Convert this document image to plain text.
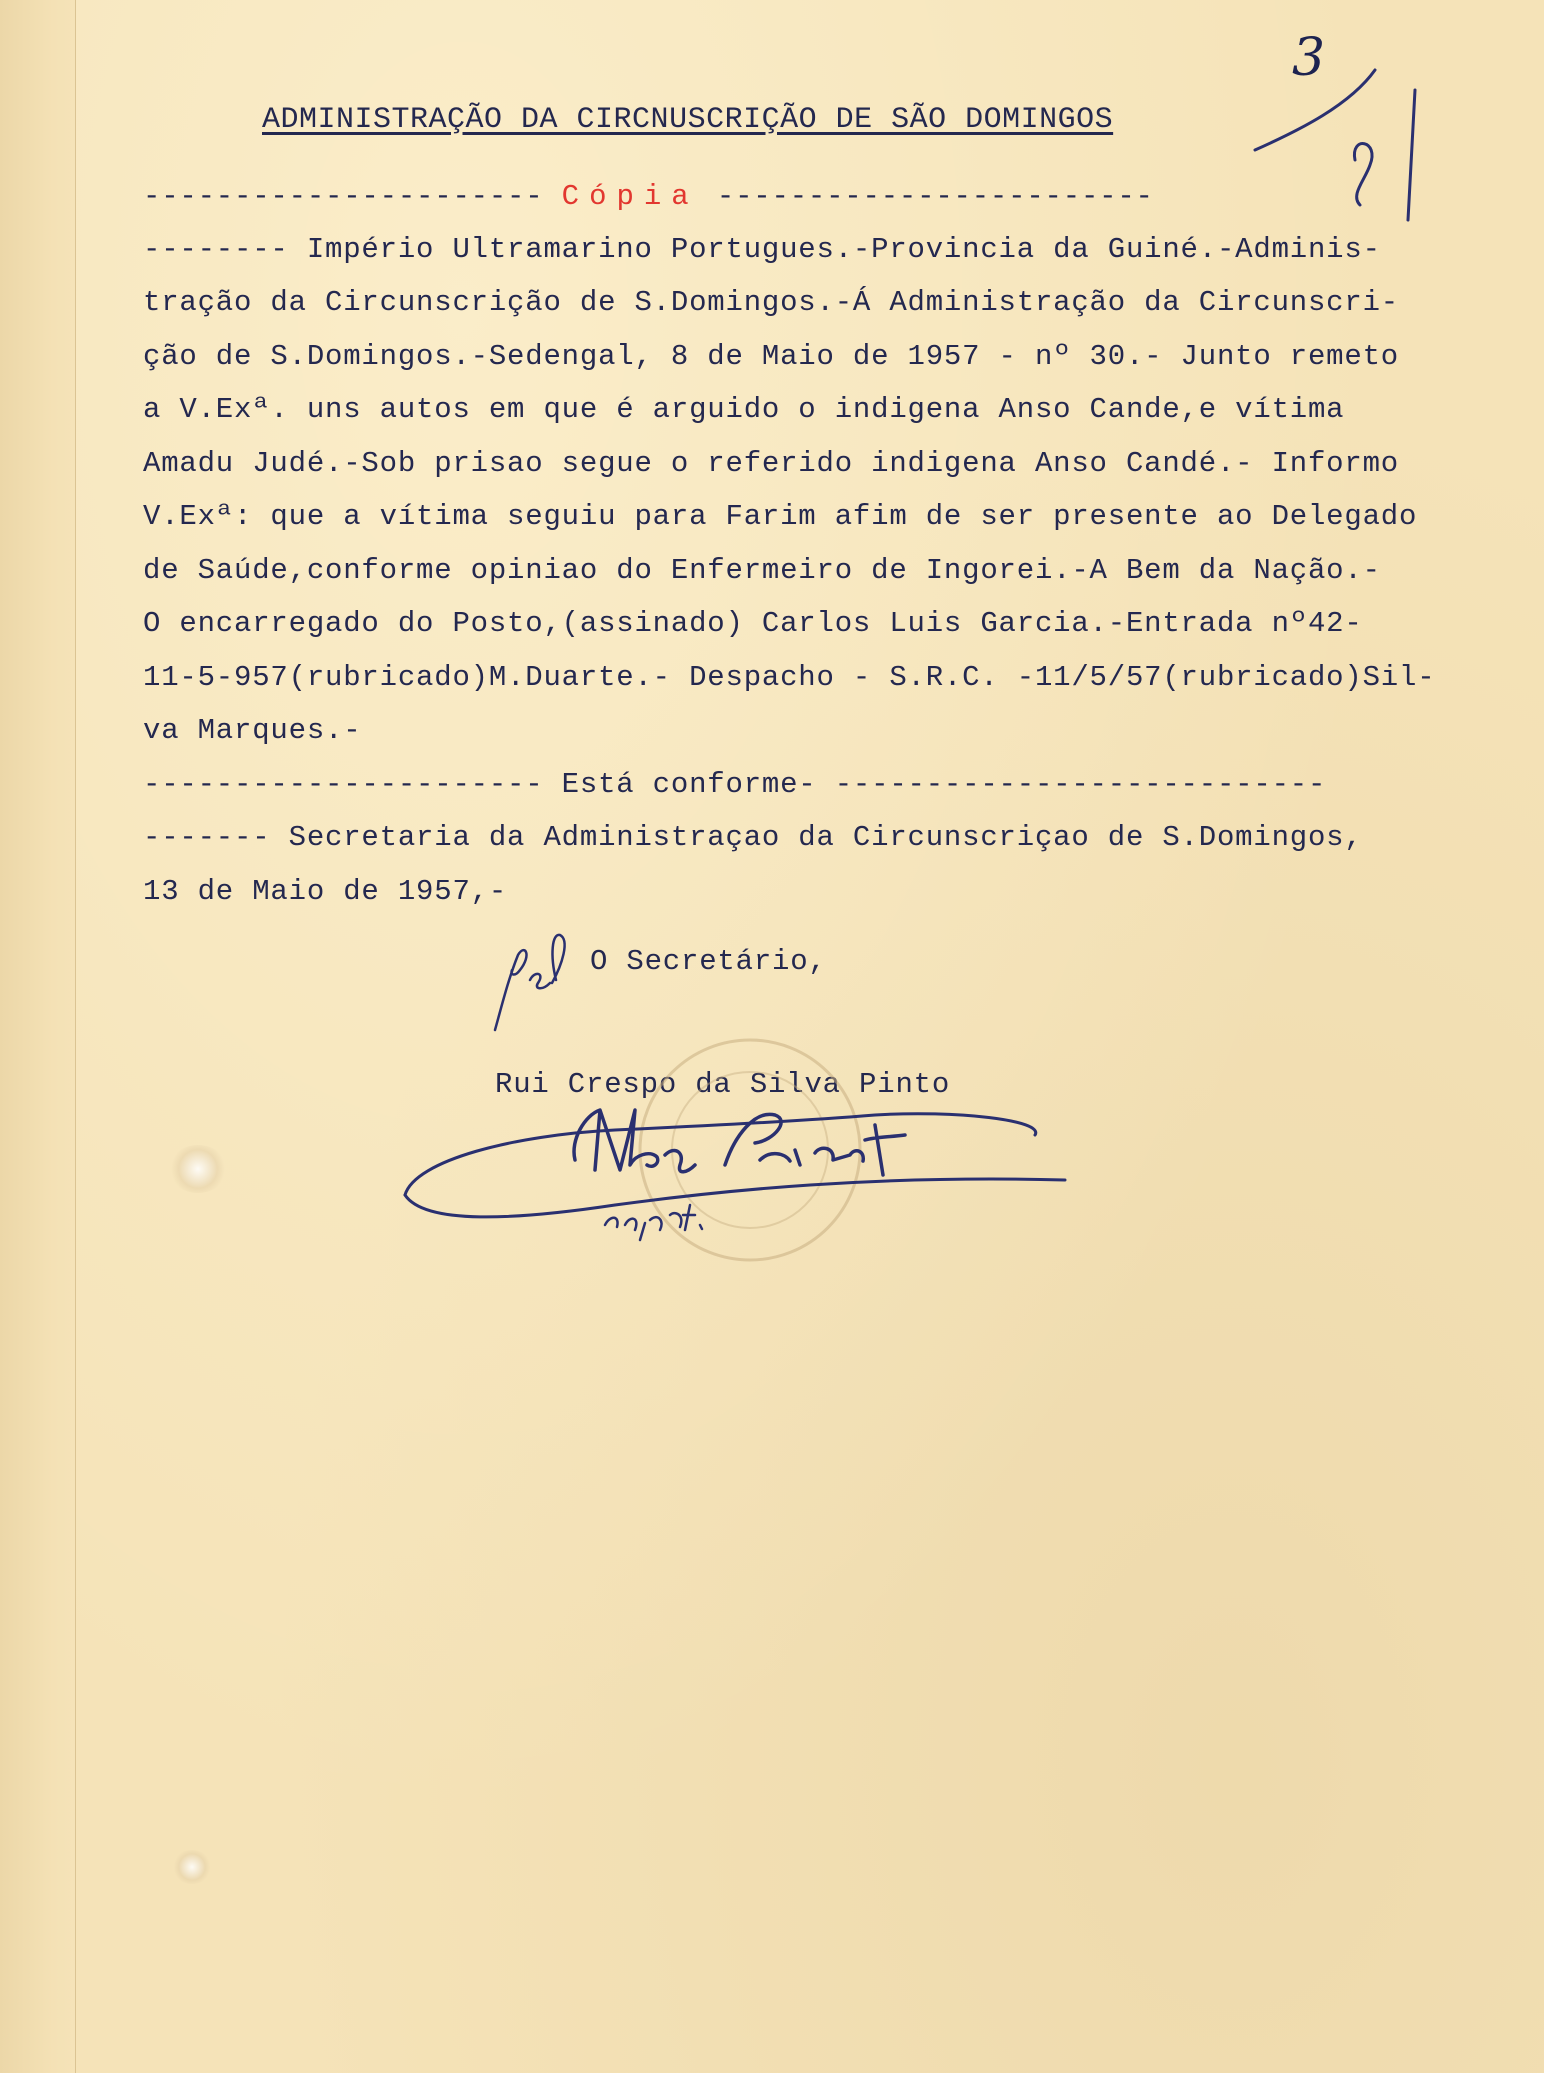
3
ADMINISTRAÇÃO DA CIRCNUSCRIÇÃO DE SÃO DOMINGOS
---------------------- Cópia ------------------------
-------- Império Ultramarino Portugues.-Provincia da Guiné.-Adminis-
tração da Circunscrição de S.Domingos.-Á Administração da Circunscri-
ção de S.Domingos.-Sedengal, 8 de Maio de 1957 - nº 30.- Junto remeto
a V.Exª. uns autos em que é arguido o indigena Anso Cande,e vítima
Amadu Judé.-Sob prisao segue o referido indigena Anso Candé.- Informo
V.Exª: que a vítima seguiu para Farim afim de ser presente ao Delegado
de Saúde,conforme opiniao do Enfermeiro de Ingorei.-A Bem da Nação.-
O encarregado do Posto,(assinado) Carlos Luis Garcia.-Entrada nº42-
11-5-957(rubricado)M.Duarte.- Despacho - S.R.C. -11/5/57(rubricado)Sil-
va Marques.-
---------------------- Está conforme- ---------------------------
------- Secretaria da Administraçao da Circunscriçao de S.Domingos,
13 de Maio de 1957,-
O Secretário,
Rui Crespo da Silva Pinto
